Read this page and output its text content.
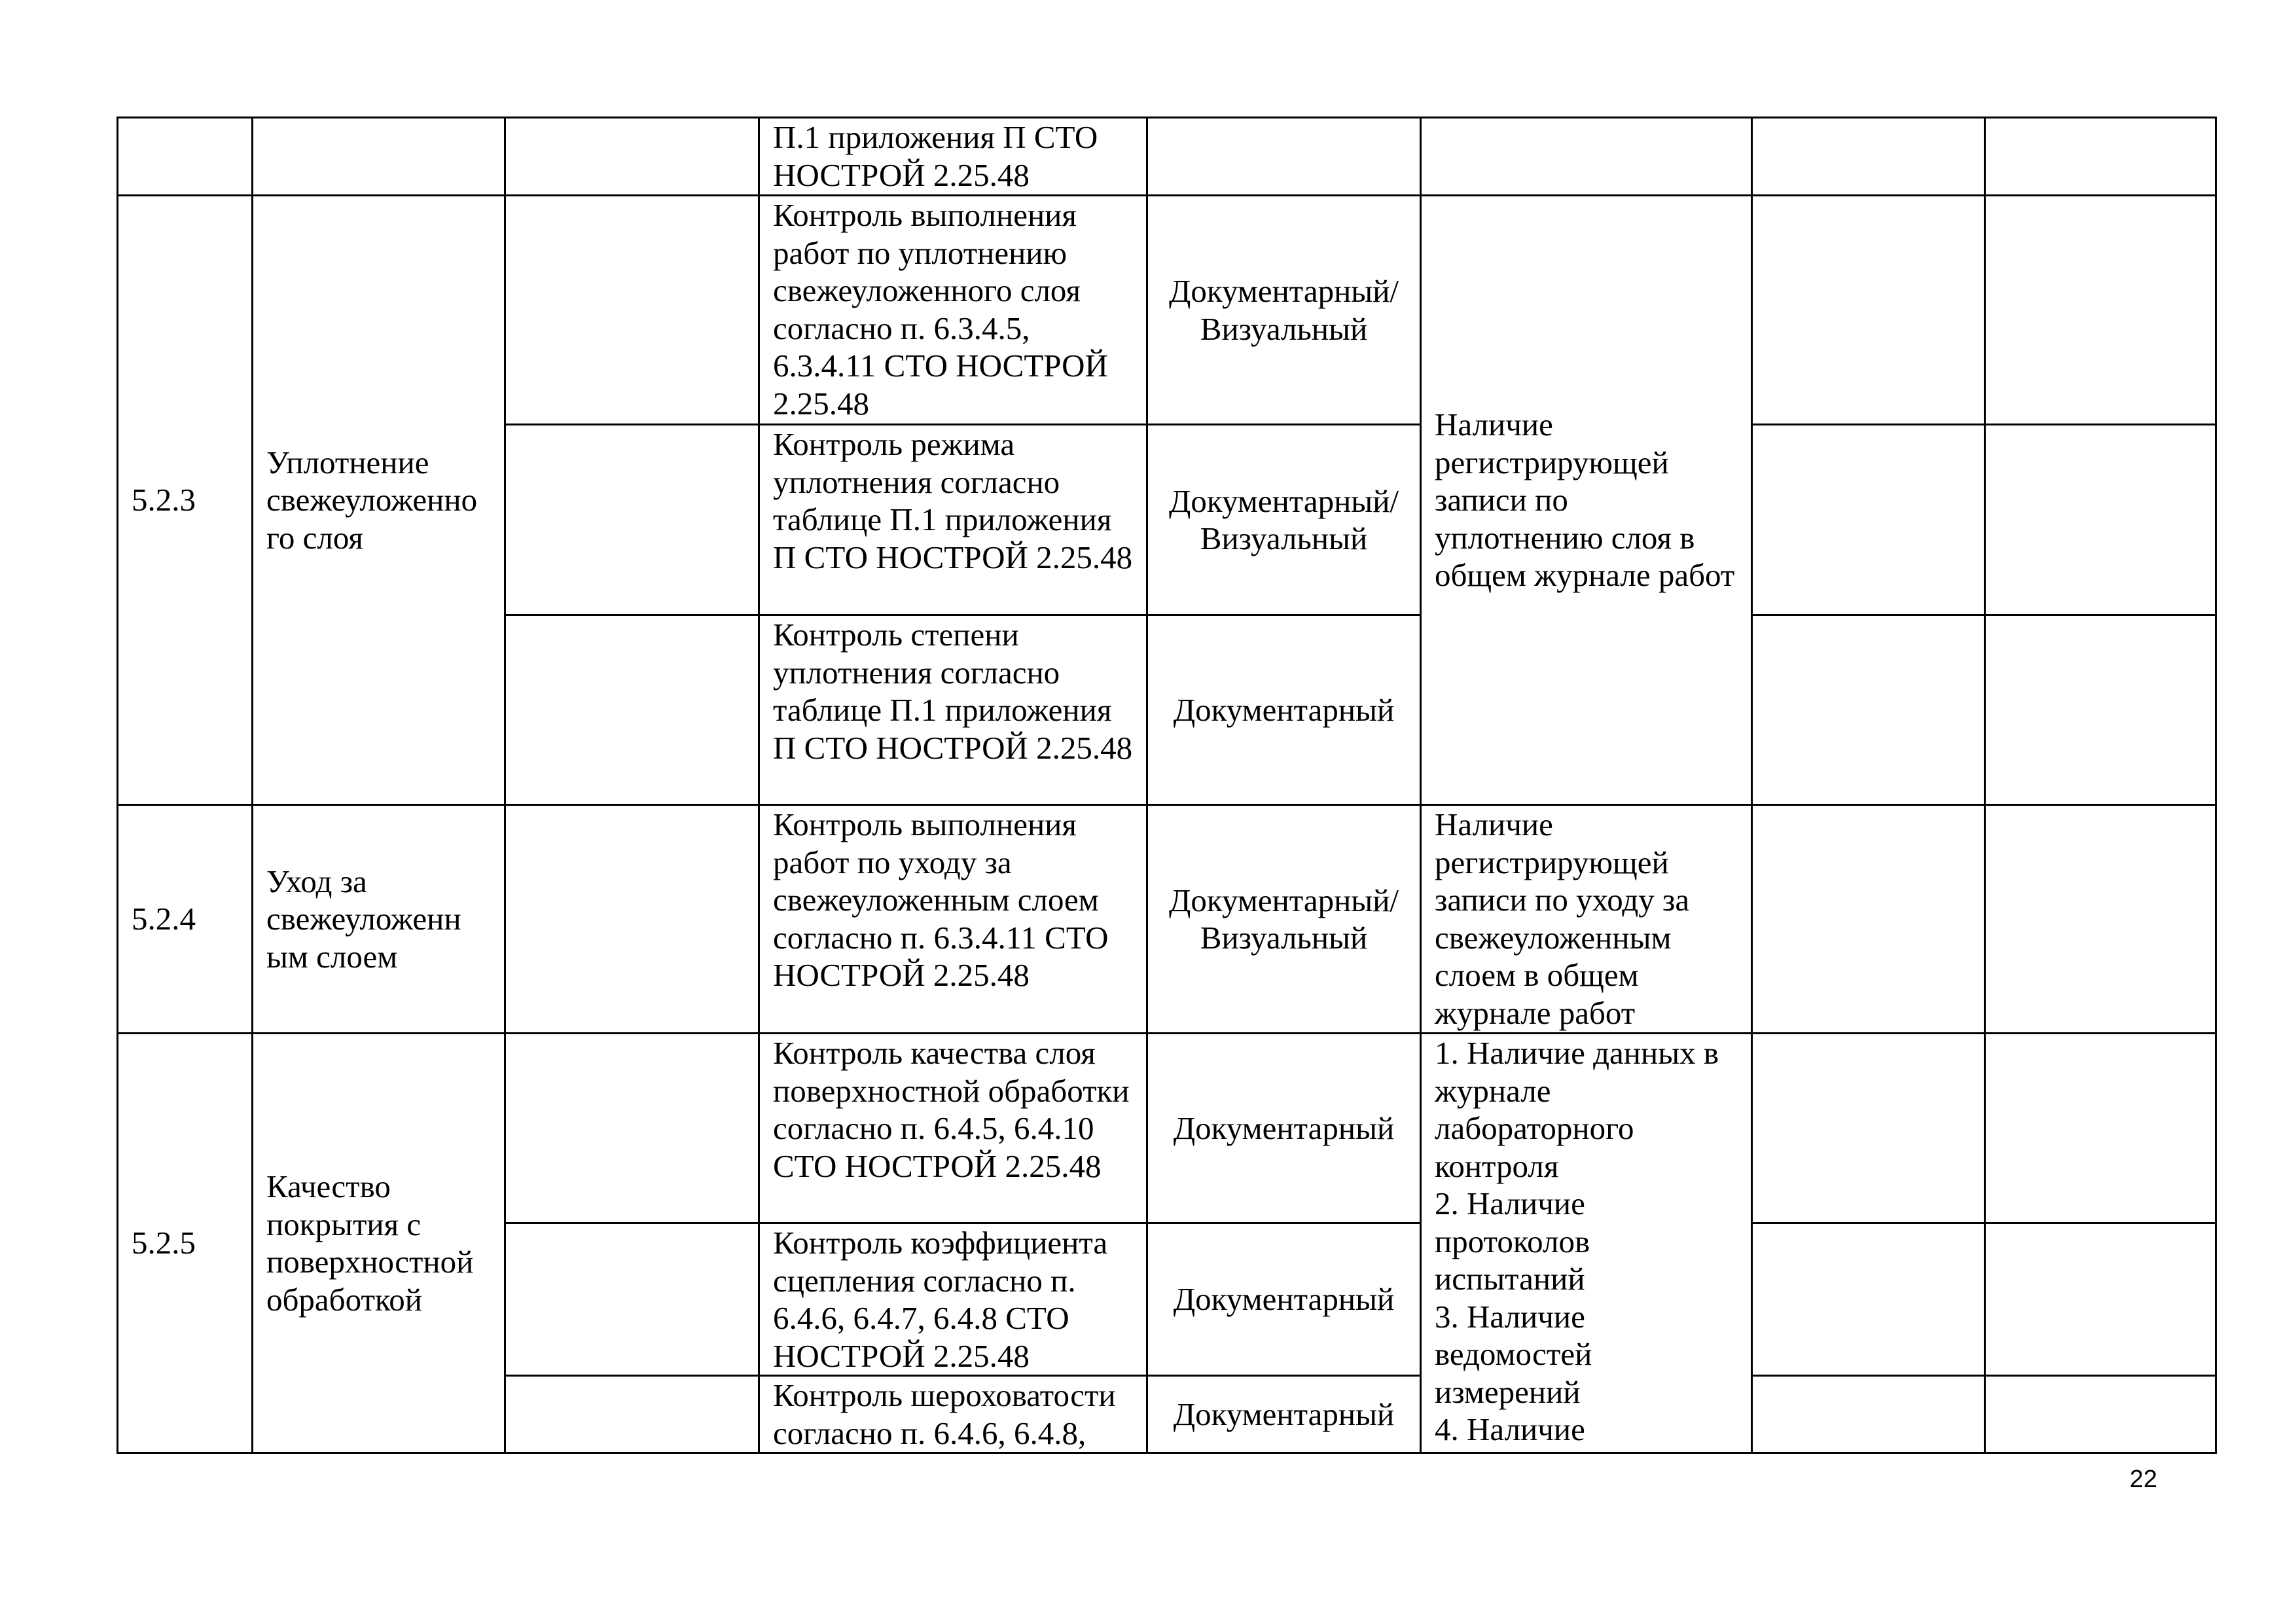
			П.1 приложения П СТО НОСТРОЙ 2.25.48				
5.2.3	Уплотнение свежеуложенно го слоя		Контроль выполнения работ по уплотнению свежеуложенного слоя согласно п. 6.3.4.5, 6.3.4.11 СТО НОСТРОЙ 2.25.48	Документарный/ Визуальный	Наличие регистрирующей записи по уплотнению слоя в общем журнале работ		
			Контроль режима уплотнения согласно таблице П.1 приложения П СТО НОСТРОЙ 2.25.48	Документарный/ Визуальный			
			Контроль степени уплотнения согласно таблице П.1 приложения П СТО НОСТРОЙ 2.25.48	Документарный			
5.2.4	Уход за свежеуложенн ым слоем		Контроль выполнения работ по уходу за свежеуложенным слоем согласно п. 6.3.4.11 СТО НОСТРОЙ 2.25.48	Документарный/ Визуальный	Наличие регистрирующей записи по уходу за свежеуложенным слоем в общем журнале работ		
5.2.5	Качество покрытия с поверхностной обработкой		Контроль качества слоя поверхностной обработки согласно п. 6.4.5, 6.4.10 СТО НОСТРОЙ 2.25.48	Документарный	1. Наличие данных в журнале лабораторного контроля
2. Наличие протоколов испытаний
3. Наличие ведомостей измерений
4. Наличие		
			Контроль коэффициента сцепления согласно п. 6.4.6, 6.4.7, 6.4.8 СТО НОСТРОЙ 2.25.48	Документарный			
			Контроль шероховатости согласно п. 6.4.6, 6.4.8,	Документарный			
22
